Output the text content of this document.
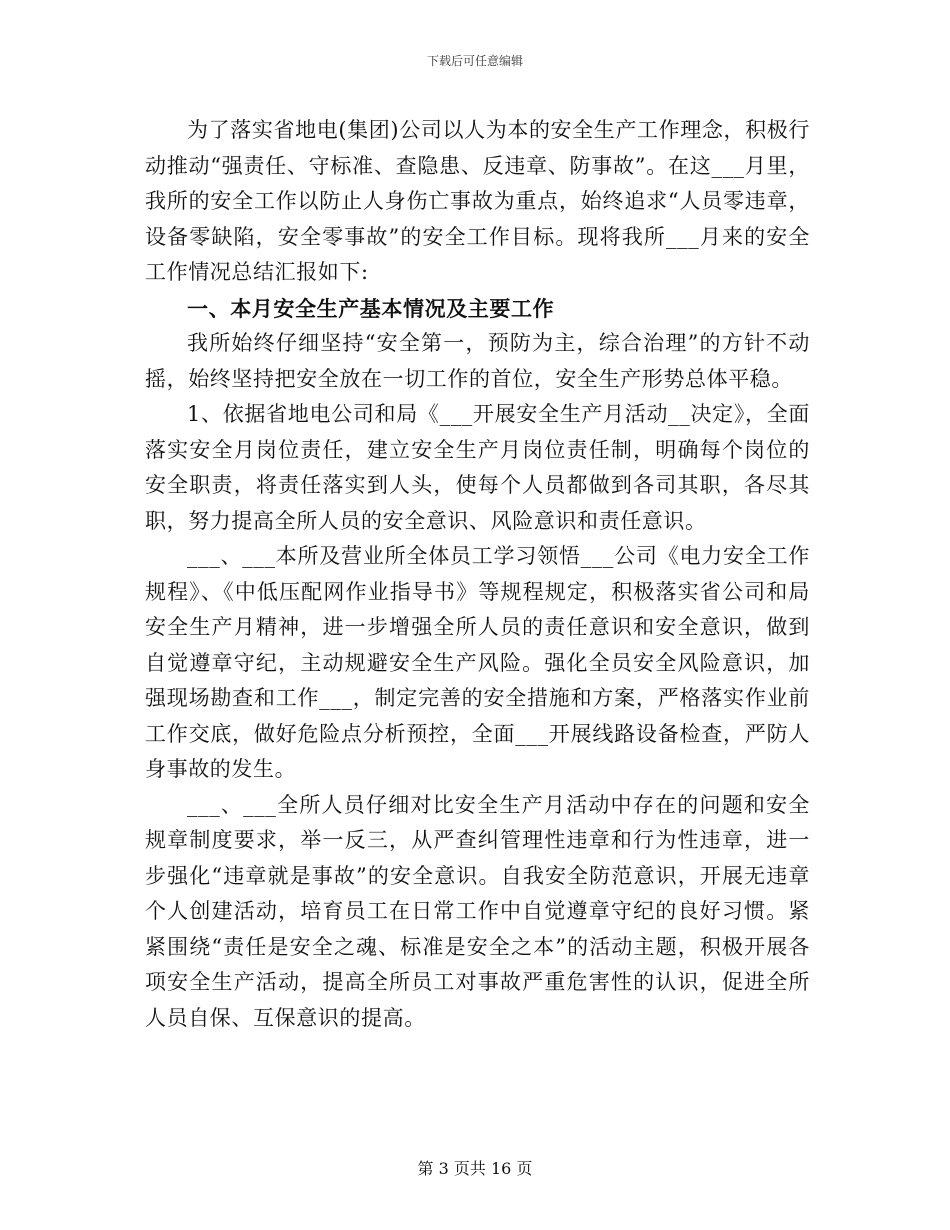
下载后可任意编辑

为了落实省地电(集团)公司以人为本的安全生产工作理念，积极行动推动“强责任、守标准、查隐患、反违章、防事故”。在这___月里，我所的安全工作以防止人身伤亡事故为重点，始终追求“人员零违章，设备零缺陷，安全零事故”的安全工作目标。现将我所___月来的安全工作情况总结汇报如下:

一、本月安全生产基本情况及主要工作

我所始终仔细坚持“安全第一，预防为主，综合治理”的方针不动摇，始终坚持把安全放在一切工作的首位，安全生产形势总体平稳。

1、依据省地电公司和局《___开展安全生产月活动__决定》，全面落实安全月岗位责任，建立安全生产月岗位责任制，明确每个岗位的安全职责，将责任落实到人头，使每个人员都做到各司其职，各尽其职，努力提高全所人员的安全意识、风险意识和责任意识。

___、___本所及营业所全体员工学习领悟___公司《电力安全工作规程》、《中低压配网作业指导书》等规程规定，积极落实省公司和局安全生产月精神，进一步增强全所人员的责任意识和安全意识，做到自觉遵章守纪，主动规避安全生产风险。强化全员安全风险意识，加强现场勘查和工作___，制定完善的安全措施和方案，严格落实作业前工作交底，做好危险点分析预控，全面___开展线路设备检查，严防人身事故的发生。

___、___全所人员仔细对比安全生产月活动中存在的问题和安全规章制度要求，举一反三，从严查纠管理性违章和行为性违章，进一步强化“违章就是事故”的安全意识。自我安全防范意识，开展无违章个人创建活动，培育员工在日常工作中自觉遵章守纪的良好习惯。紧紧围绕“责任是安全之魂、标准是安全之本”的活动主题，积极开展各项安全生产活动，提高全所员工对事故严重危害性的认识，促进全所人员自保、互保意识的提高。

第 3 页共 16 页
